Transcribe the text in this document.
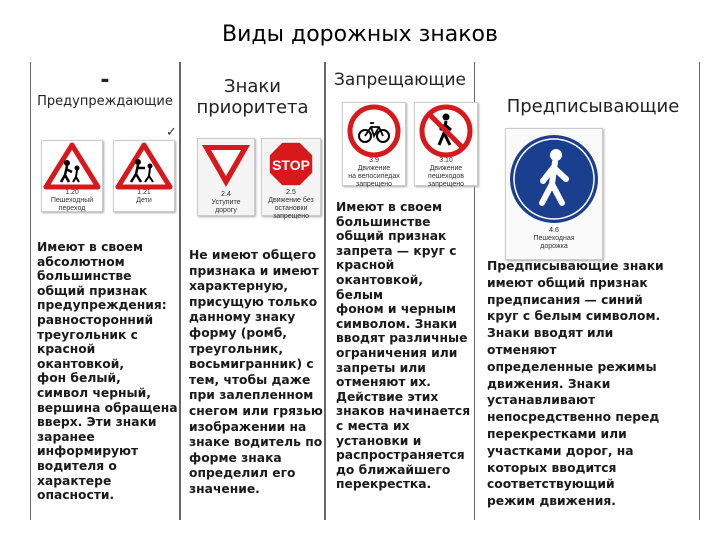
Виды дорожных знаков
-
Предупреждающие
✓
1.20
Пешеходный
переход
1.21
Дети
Имеют в своем
абсолютном
большинстве
общий признак
предупреждения:
равносторонний
треугольник с
красной
окантовкой,
фон белый,
символ черный,
вершина обращена
вверх. Эти знаки
заранее
информируют
водителя о
характере
опасности.
Знаки
приоритета
2.4
Уступите
дорогу
STOP
2.5
Движение без
остановки
запрещено
Не имеют общего
признака и имеют
характерную,
присущую только
данному знаку
форму (ромб,
треугольник,
восьмигранник) с
тем, чтобы даже
при залепленном
снегом или грязью
изображении на
знаке водитель по
форме знака
определил его
значение.
Запрещающие
3.9
Движение
на велосипедах
запрещено
3.10
Движение
пешеходов
запрещено
Имеют в своем
большинстве
общий признак
запрета — круг с
красной
окантовкой, белым
фоном и черным
символом. Знаки
вводят различные
ограничения или
запреты или
отменяют их.
Действие этих
знаков начинается
с места их
установки и
распространяется
до ближайшего
перекрестка.
Предписывающие
4.6
Пешеходная
дорожка
Предписывающие знаки
имеют общий признак
предписания — синий
круг с белым символом.
Знаки вводят или
отменяют
определенные режимы
движения. Знаки
устанавливают
непосредственно перед
перекрестками или
участками дорог, на
которых вводится
соответствующий
режим движения.
